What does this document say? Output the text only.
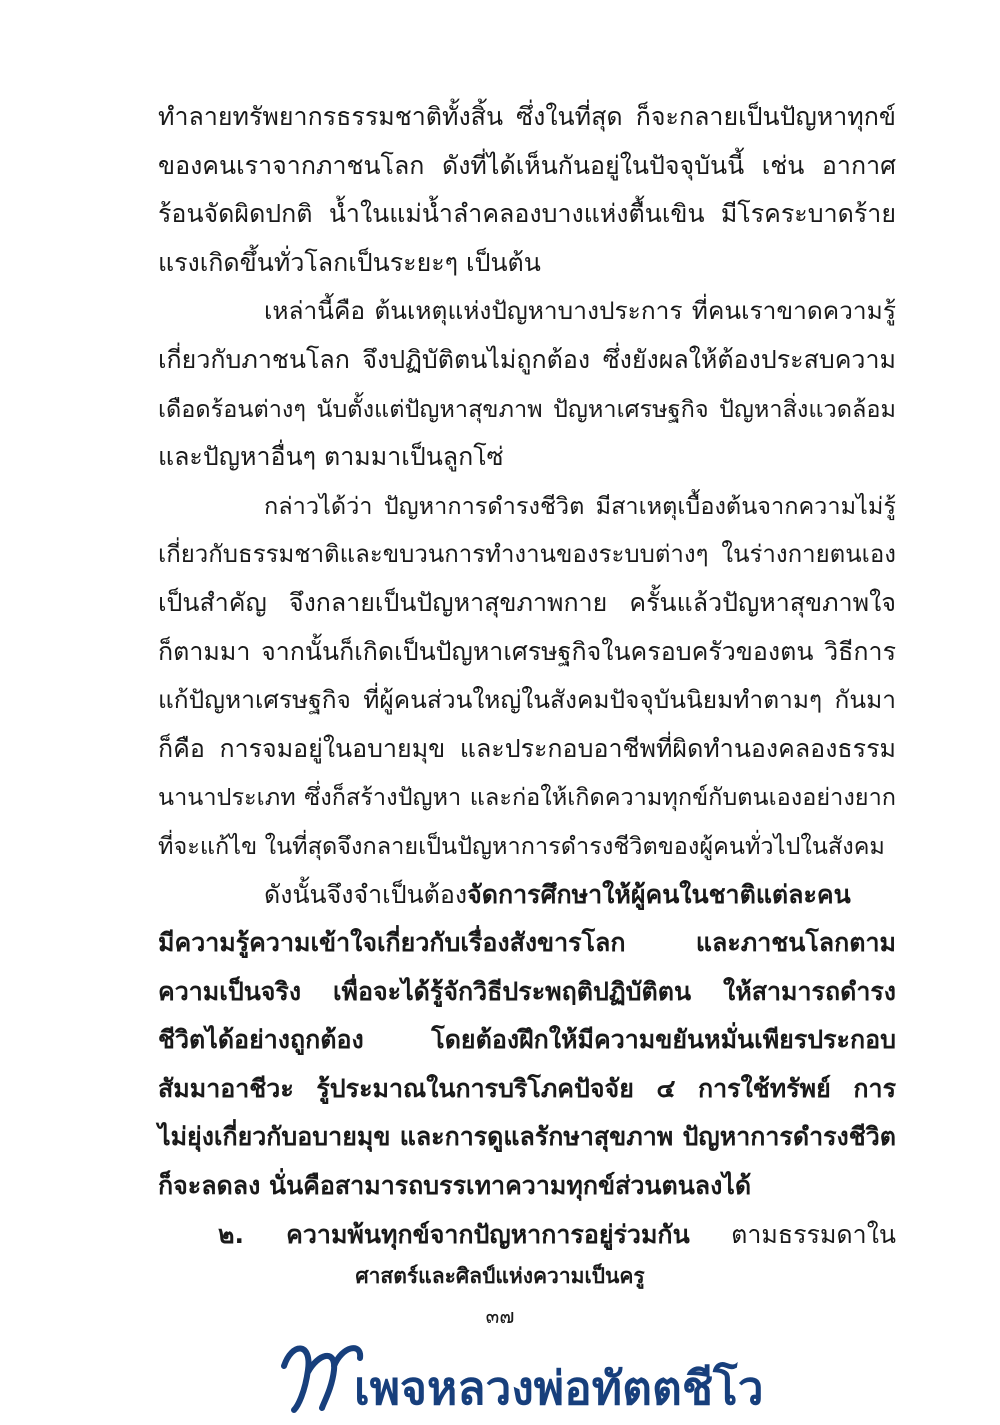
ทำลายทรัพยากรธรรมชาติทั้งสิ้น ซึ่งในที่สุด ก็จะกลายเป็นปัญหาทุกข์
ของคนเราจากภาชนโลก ดังที่ได้เห็นกันอยู่ในปัจจุบันนี้ เช่น อากาศ
ร้อนจัดผิดปกติ น้ำในแม่น้ำลำคลองบางแห่งตื้นเขิน มีโรคระบาดร้าย
แรงเกิดขึ้นทั่วโลกเป็นระยะๆ เป็นต้น
เหล่านี้คือ ต้นเหตุแห่งปัญหาบางประการ ที่คนเราขาดความรู้
เกี่ยวกับภาชนโลก จึงปฏิบัติตนไม่ถูกต้อง ซึ่งยังผลให้ต้องประสบความ
เดือดร้อนต่างๆ นับตั้งแต่ปัญหาสุขภาพ ปัญหาเศรษฐกิจ ปัญหาสิ่งแวดล้อม
และปัญหาอื่นๆ ตามมาเป็นลูกโซ่
กล่าวได้ว่า ปัญหาการดำรงชีวิต มีสาเหตุเบื้องต้นจากความไม่รู้
เกี่ยวกับธรรมชาติและขบวนการทำงานของระบบต่างๆ ในร่างกายตนเอง
เป็นสำคัญ จึงกลายเป็นปัญหาสุขภาพกาย ครั้นแล้วปัญหาสุขภาพใจ
ก็ตามมา จากนั้นก็เกิดเป็นปัญหาเศรษฐกิจในครอบครัวของตน วิธีการ
แก้ปัญหาเศรษฐกิจ ที่ผู้คนส่วนใหญ่ในสังคมปัจจุบันนิยมทำตามๆ กันมา
ก็คือ การจมอยู่ในอบายมุข และประกอบอาชีพที่ผิดทำนองคลองธรรม
นานาประเภท ซึ่งก็สร้างปัญหา และก่อให้เกิดความทุกข์กับตนเองอย่างยาก
ที่จะแก้ไข ในที่สุดจึงกลายเป็นปัญหาการดำรงชีวิตของผู้คนทั่วไปในสังคม
ดังนั้นจึงจำเป็นต้องจัดการศึกษาให้ผู้คนในชาติแต่ละคน
มีความรู้ความเข้าใจเกี่ยวกับเรื่องสังขารโลก และภาชนโลกตาม
ความเป็นจริง เพื่อจะได้รู้จักวิธีประพฤติปฏิบัติตน ให้สามารถดำรง
ชีวิตได้อย่างถูกต้อง โดยต้องฝึกให้มีความขยันหมั่นเพียรประกอบ
สัมมาอาชีวะ รู้ประมาณในการบริโภคปัจจัย ๔ การใช้ทรัพย์ การ
ไม่ยุ่งเกี่ยวกับอบายมุข และการดูแลรักษาสุขภาพ ปัญหาการดำรงชีวิต
ก็จะลดลง นั่นคือสามารถบรรเทาความทุกข์ส่วนตนลงได้
๒. ความพ้นทุกข์จากปัญหาการอยู่ร่วมกัน ตามธรรมดาใน
ศาสตร์และศิลป์แห่งความเป็นครู
๓๗
เพจหลวงพ่อทัตตชีโว
